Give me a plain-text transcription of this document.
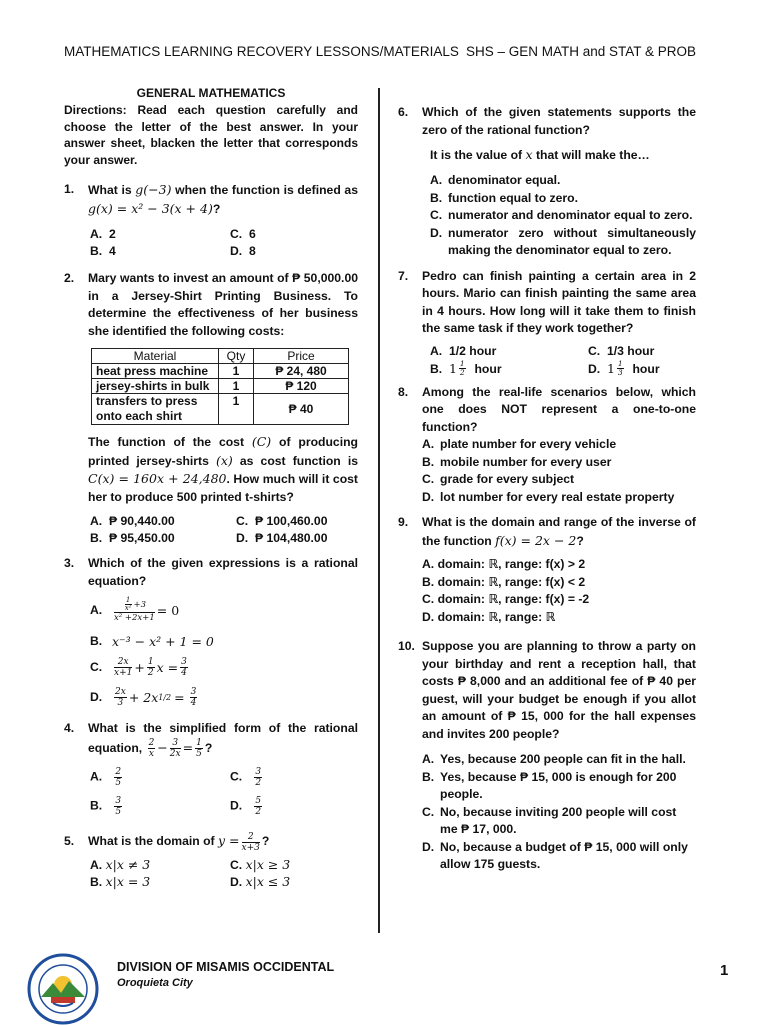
MATHEMATICS LEARNING RECOVERY LESSONS/MATERIALS SHS – GEN MATH and STAT & PROB
GENERAL MATHEMATICS
Directions: Read each question carefully and choose the letter of the best answer. In your answer sheet, blacken the letter that corresponds your answer.
1.	What is g(−3) when the function is defined as g(x) = x² − 3(x + 4)?
A. 2	C. 6
B. 4	D. 8
2.	Mary wants to invest an amount of ₱ 50,000.00 in a Jersey-Shirt Printing Business. To determine the effectiveness of her business she identified the following costs:
Material	Qty	Price
heat press machine	1	₱ 24, 480
jersey-shirts in bulk	1	₱ 120
transfers to press onto each shirt	1	₱ 40
The function of the cost (C) of producing printed jersey-shirts (x) as cost function is C(x) = 160x + 24,480. How much will it cost her to produce 500 printed t-shirts?
A. ₱ 90,440.00	C. ₱ 100,460.00
B. ₱ 95,450.00	D. ₱ 104,480.00
3.	Which of the given expressions is a rational equation?
A.	$\frac{\frac{1}{\text{x²}} +3}{\text{x² +2x+1}} = 0$
B. x⁻³ − x² + 1 = 0
C.	$\frac{2x}{x+1} + \frac{1}{2}$ $x = \frac{3}{4}$
D.	$\frac{2x}{3} + 2x$ $1/2 = \frac{3}{4}$
4.	What is the simplified form of the rational equation, $\frac{2}{x} - \frac{3}{2x} = \frac{1}{5}$ ?
A. $\frac{2}{5}$	C. $\frac{3}{2}$
B. $\frac{3}{5}$	D. $\frac{5}{2}$
5.	What is the domain of $y = \frac{2}{x+3}$ ?
A. x|x ≠ 3	C. x|x ≥ 3
B. x|x = 3	D. x|x ≤ 3
6.	Which of the given statements supports the zero of the rational function?
It is the value of x that will make the…
A. denominator equal.
B. function equal to zero.
C. numerator and denominator equal to zero.
D. numerator zero without simultaneously making the denominator equal to zero.
7.	Pedro can finish painting a certain area in 2 hours. Mario can finish painting the same area in 4 hours. How long will it take them to finish the same task if they work together?
A. 1/2 hour	C. 1/3 hour
B. $1 \frac{1}{2}$ hour	D. $1 \frac{1}{3}$ hour
8.	Among the real-life scenarios below, which one does NOT represent a one-to-one function?
A. plate number for every vehicle
B. mobile number for every user
C. grade for every subject
D. lot number for every real estate property
9.	What is the domain and range of the inverse of the function f(x) = 2x − 2?
A. domain: ℝ, range: f(x) > 2
B. domain: ℝ, range: f(x) < 2
C. domain: ℝ, range: f(x) = -2
D. domain: ℝ, range: ℝ
10. Suppose you are planning to throw a party on your birthday and rent a reception hall, that costs ₱ 8,000 and an additional fee of ₱ 40 per guest, will your budget be enough if you allot an amount of ₱ 15, 000 for the hall expenses and invites 200 people?
A. Yes, because 200 people can fit in the hall.
B. Yes, because ₱ 15, 000 is enough for 200 people.
C. No, because inviting 200 people will cost me ₱ 17, 000.
D. No, because a budget of ₱ 15, 000 will only allow 175 guests.
DIVISION OF MISAMIS OCCIDENTAL
Oroquieta City
1
